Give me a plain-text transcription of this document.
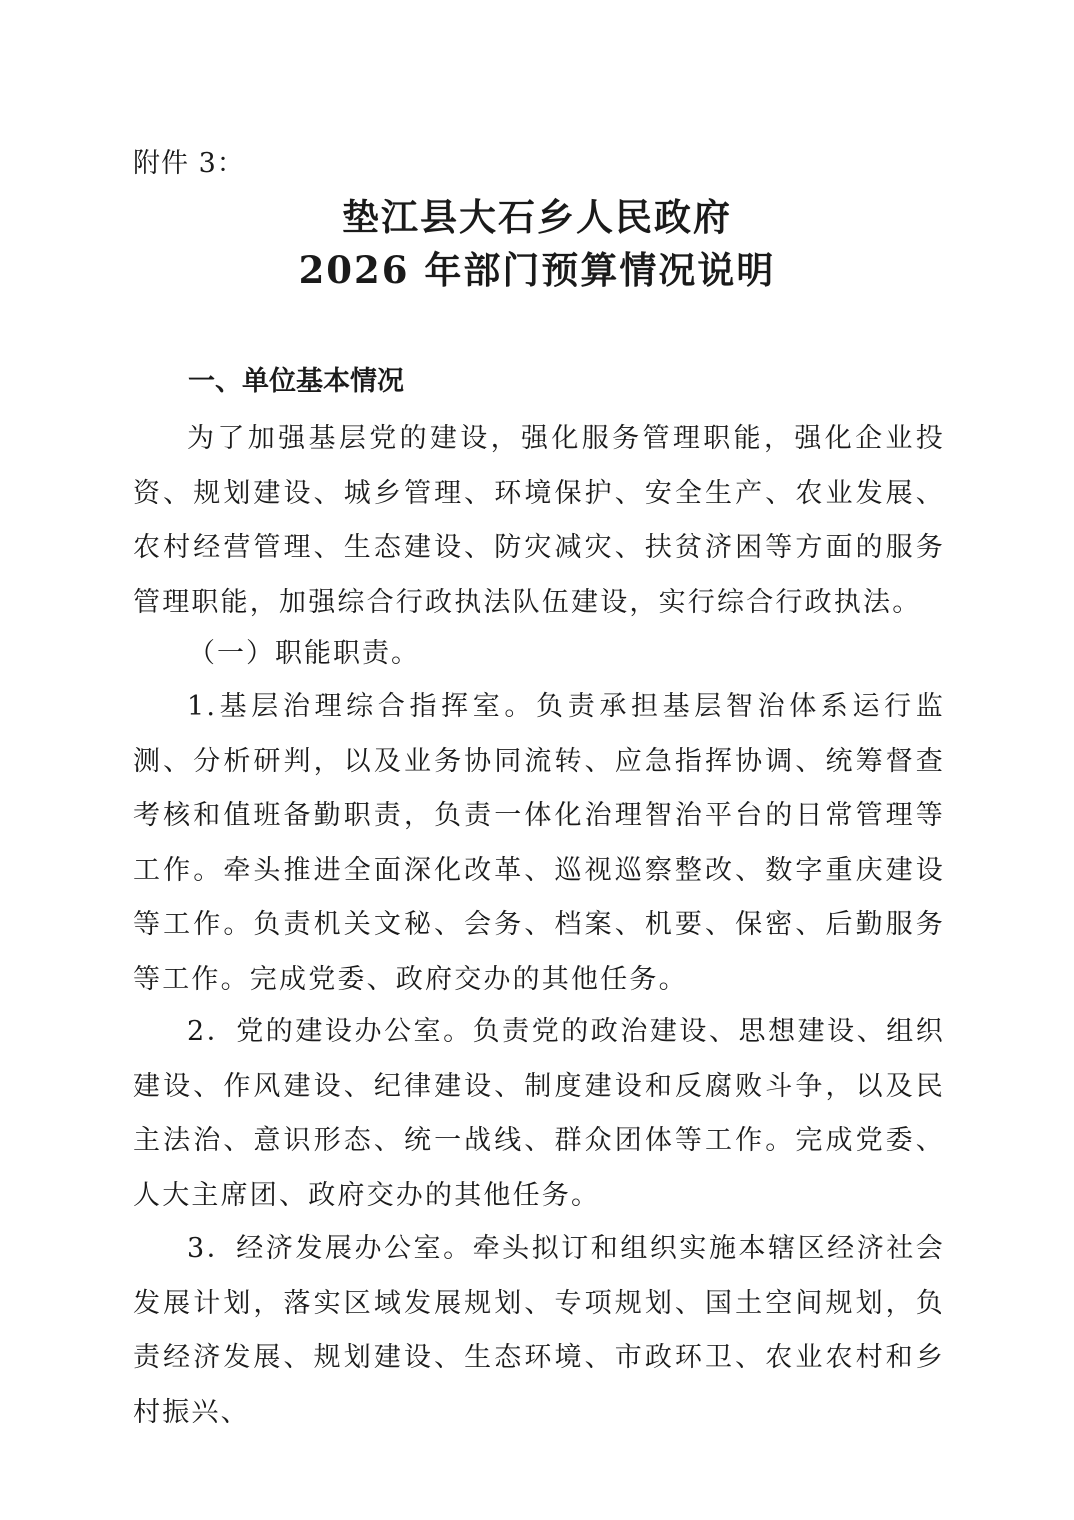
附件 3：
垫江县大石乡人民政府
2026 年部门预算情况说明
一、单位基本情况

为了加强基层党的建设，强化服务管理职能，强化企业投资、规划建设、城乡管理、环境保护、安全生产、农业发展、农村经营管理、生态建设、防灾减灾、扶贫济困等方面的服务管理职能，加强综合行政执法队伍建设，实行综合行政执法。

（一）职能职责。

1.基层治理综合指挥室。负责承担基层智治体系运行监测、分析研判，以及业务协同流转、应急指挥协调、统筹督查考核和值班备勤职责，负责一体化治理智治平台的日常管理等工作。牵头推进全面深化改革、巡视巡察整改、数字重庆建设等工作。负责机关文秘、会务、档案、机要、保密、后勤服务等工作。完成党委、政府交办的其他任务。

2．党的建设办公室。负责党的政治建设、思想建设、组织建设、作风建设、纪律建设、制度建设和反腐败斗争，以及民主法治、意识形态、统一战线、群众团体等工作。完成党委、人大主席团、政府交办的其他任务。

3．经济发展办公室。牵头拟订和组织实施本辖区经济社会发展计划，落实区域发展规划、专项规划、国土空间规划，负责经济发展、规划建设、生态环境、市政环卫、农业农村和乡村振兴、
